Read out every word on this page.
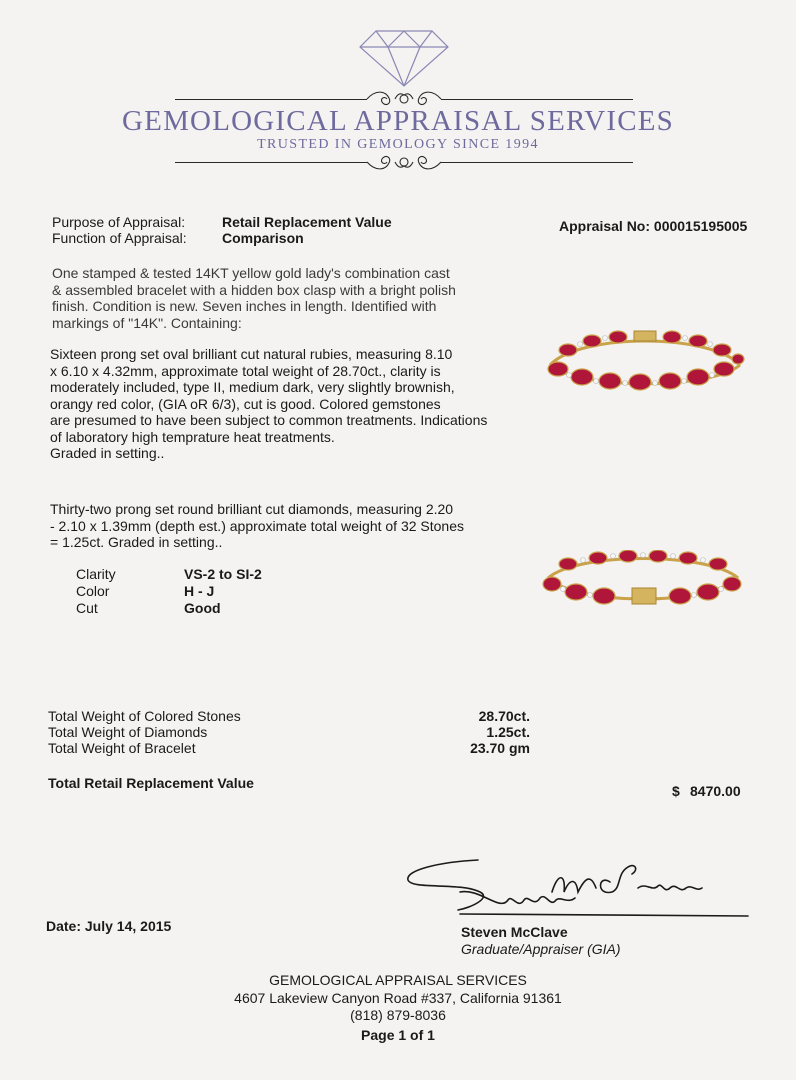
GEMOLOGICAL APPRAISAL SERVICES
TRUSTED IN GEMOLOGY SINCE 1994
Purpose of Appraisal:	Retail Replacement Value
Function of Appraisal:	Comparison
Appraisal No: 000015195005
One stamped & tested 14KT yellow gold lady's combination cast
& assembled bracelet with a hidden box clasp with a bright polish
finish. Condition is new. Seven inches in length. Identified with
markings of "14K". Containing:
Sixteen prong set oval brilliant cut natural rubies, measuring 8.10
x 6.10 x 4.32mm, approximate total weight of 28.70ct., clarity is
moderately included, type II, medium dark, very slightly brownish,
orangy red color, (GIA oR 6/3), cut is good. Colored gemstones
are presumed to have been subject to common treatments. Indications
of laboratory high temprature heat treatments.
Graded in setting..
Thirty-two prong set round brilliant cut diamonds, measuring 2.20
- 2.10 x 1.39mm (depth est.) approximate total weight of 32 Stones
= 1.25ct. Graded in setting..
Clarity	VS-2 to SI-2
Color	H - J
Cut	Good
Total Weight of Colored Stones	28.70ct.
Total Weight of Diamonds	1.25ct.
Total Weight of Bracelet	23.70 gm
Total Retail Replacement Value	$ 8470.00
Steven McClave
Graduate/Appraiser (GIA)
Date: July 14, 2015
GEMOLOGICAL APPRAISAL SERVICES
4607 Lakeview Canyon Road #337, California 91361
(818) 879-8036
Page 1 of 1
